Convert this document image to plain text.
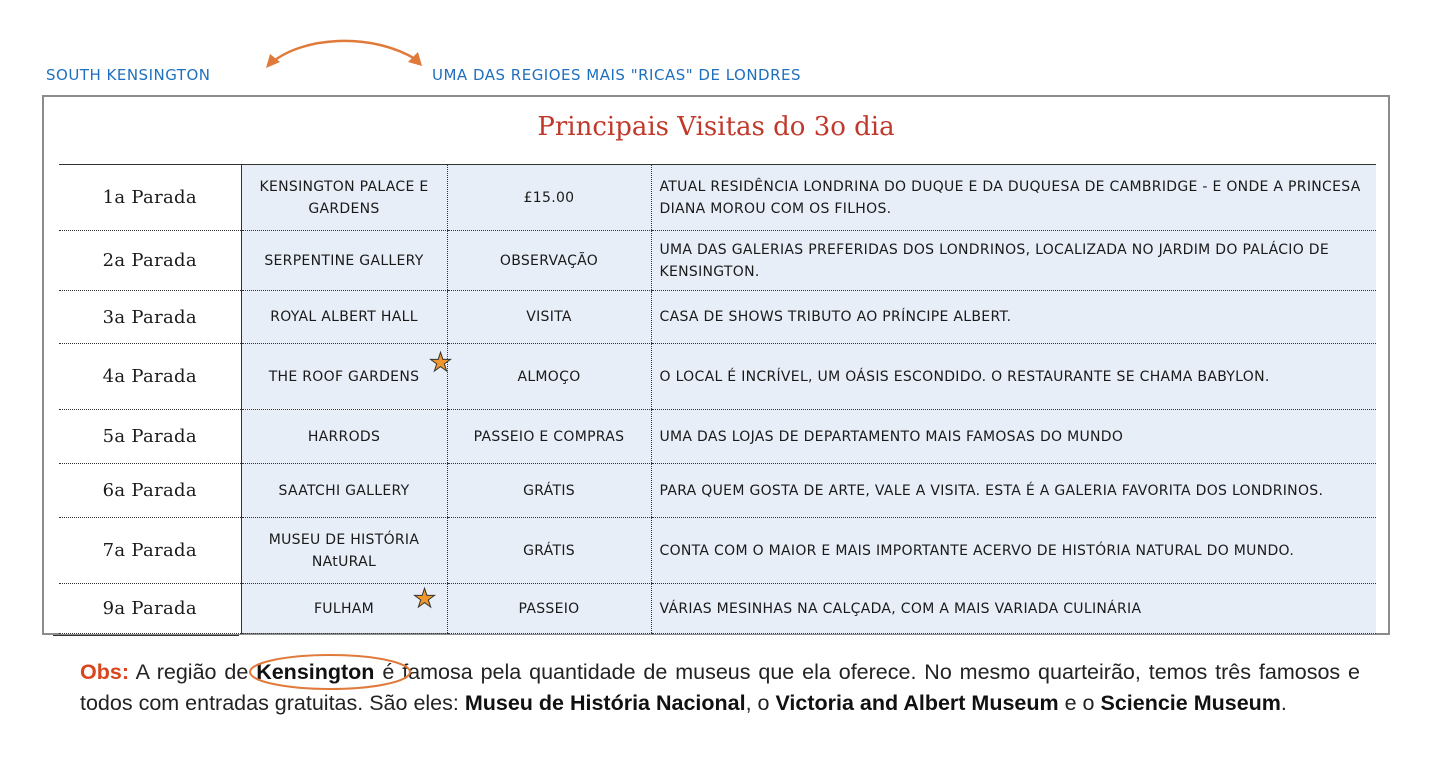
SOUTH KENSINGTON	UMA DAS REGIOES MAIS "RICAS" DE LONDRES
Principais Visitas do 3o dia
1a Parada	KENSINGTON PALACE E GARDENS	£15.00	ATUAL RESIDÊNCIA LONDRINA DO DUQUE E DA DUQUESA DE CAMBRIDGE - E ONDE A PRINCESA DIANA MOROU COM OS FILHOS.
2a Parada	SERPENTINE GALLERY	OBSERVAÇÃO	UMA DAS GALERIAS PREFERIDAS DOS LONDRINOS, LOCALIZADA NO JARDIM DO PALÁCIO DE KENSINGTON.
3a Parada	ROYAL ALBERT HALL	VISITA	CASA DE SHOWS TRIBUTO AO PRÍNCIPE ALBERT.
4a Parada	THE ROOF GARDENS ★	ALMOÇO	O LOCAL É INCRÍVEL, UM OÁSIS ESCONDIDO. O RESTAURANTE SE CHAMA BABYLON.
5a Parada	HARRODS	PASSEIO E COMPRAS	UMA DAS LOJAS DE DEPARTAMENTO MAIS FAMOSAS DO MUNDO
6a Parada	SAATCHI GALLERY	GRÁTIS	PARA QUEM GOSTA DE ARTE, VALE A VISITA. ESTA É A GALERIA FAVORITA DOS LONDRINOS.
7a Parada	MUSEU DE HISTÓRIA NAtURAL	GRÁTIS	CONTA COM O MAIOR E MAIS IMPORTANTE ACERVO DE HISTÓRIA NATURAL DO MUNDO.
9a Parada	FULHAM ★	PASSEIO	VÁRIAS MESINHAS NA CALÇADA, COM A MAIS VARIADA CULINÁRIA
Obs: A região de
Kensington é famosa pela quantidade de museus que ela oferece. No mesmo quarteirão, temos três famosos e todos com entradas gratuitas. São eles: Museu de História Nacional, o Victoria and Albert Museum e o Sciencie Museum.
